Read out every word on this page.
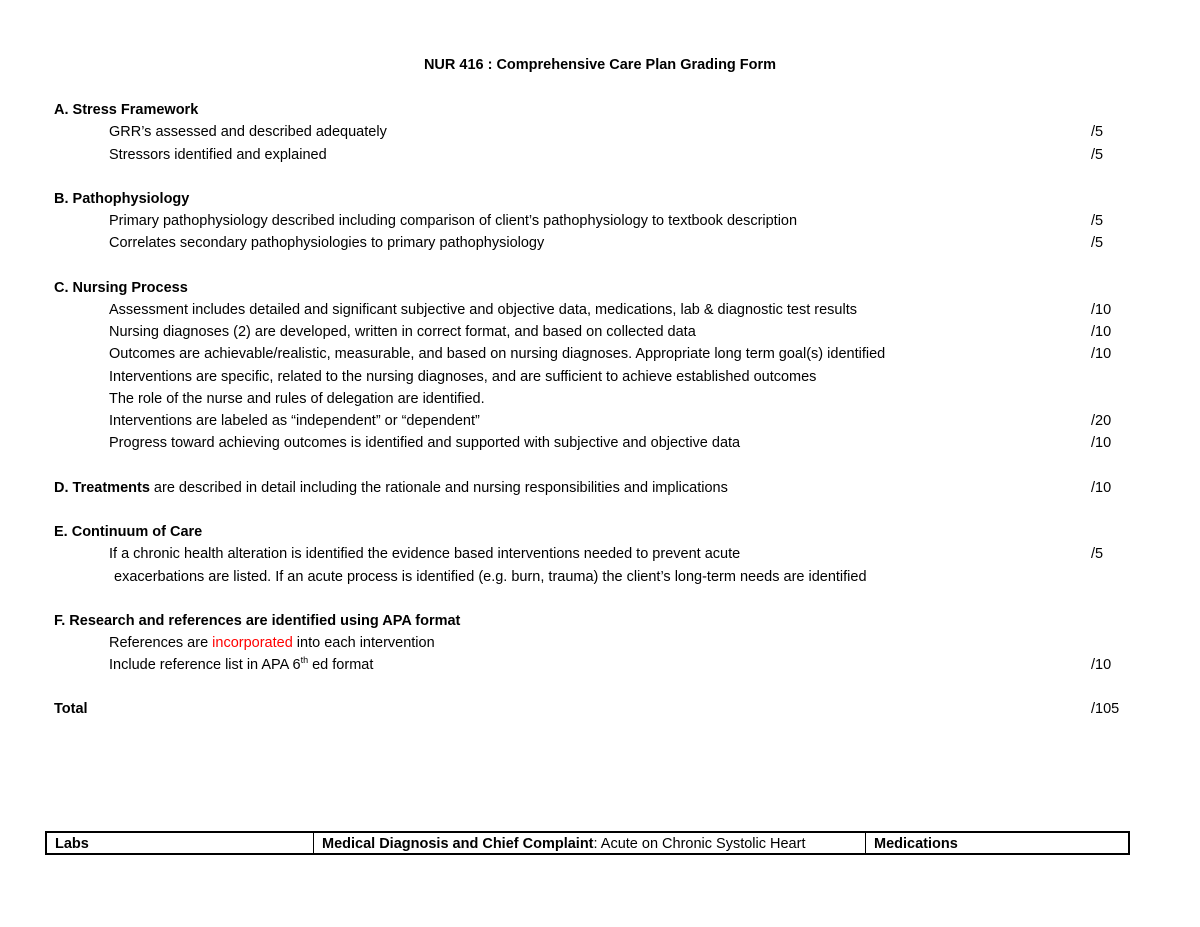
NUR 416 : Comprehensive Care Plan Grading Form
A. Stress Framework
GRR’s assessed and described adequately	/5
Stressors identified and explained	/5
B. Pathophysiology
Primary pathophysiology described including comparison of client’s pathophysiology to textbook description	/5
Correlates secondary pathophysiologies to primary pathophysiology	/5
C. Nursing Process
Assessment includes detailed and significant subjective and objective data, medications, lab & diagnostic test results	/10
Nursing diagnoses (2) are developed, written in correct format, and based on collected data	/10
Outcomes are achievable/realistic, measurable, and based on nursing diagnoses. Appropriate long term goal(s) identified	/10
Interventions are specific, related to the nursing diagnoses, and are sufficient to achieve established outcomes
The role of the nurse and rules of delegation are identified.
Interventions are labeled as “independent” or “dependent”	/20
Progress toward achieving outcomes is identified and supported with subjective and objective data	/10
D. Treatments are described in detail including the rationale and nursing responsibilities and implications	/10
E. Continuum of Care
If a chronic health alteration is identified the evidence based interventions needed to prevent acute	/5
exacerbations are listed. If an acute process is identified (e.g. burn, trauma) the client’s long-term needs are identified
F. Research and references are identified using APA format
References are incorporated into each intervention
Include reference list in APA 6th ed format	/10
Total	/105
Labs	Medical Diagnosis and Chief Complaint: Acute on Chronic Systolic Heart	Medications
